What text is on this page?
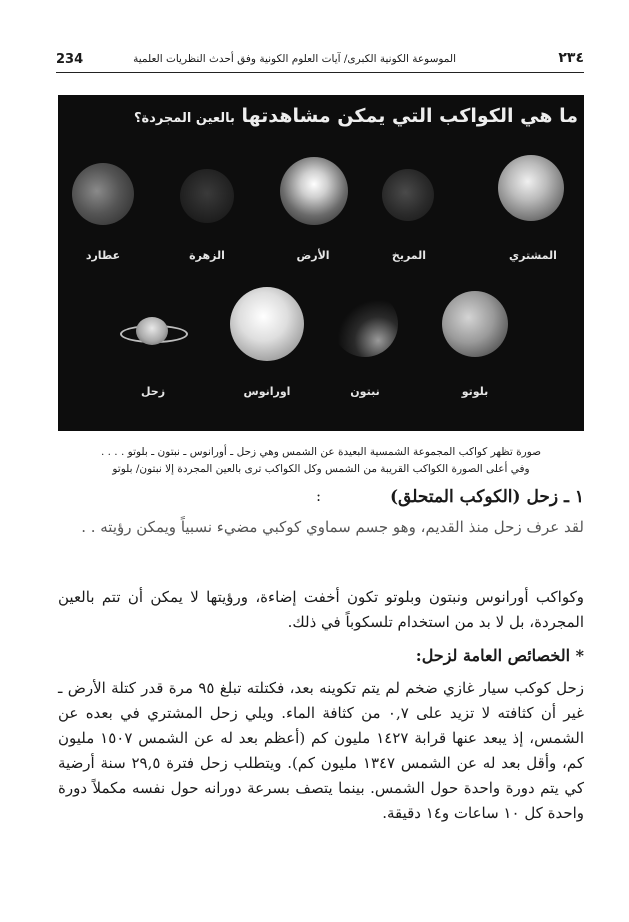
234	الموسوعة الكونية الكبرى/ آيات العلوم الكونية وفق أحدث النظريات العلمية	٢٣٤
ما هي الكواكب التي يمكن مشاهدتها بالعين المجردة؟
المشتري
المريخ
الأرض
الزهرة
عطارد
بلوتو
نبتون
اورانوس
زحل
صورة تظهر كواكب المجموعة الشمسية البعيدة عن الشمس وهي زحل ـ أورانوس ـ نبتون ـ بلوتو . . . .
وفي أعلى الصورة الكواكب القريبة من الشمس وكل الكواكب ترى بالعين المجردة إلا نبتون/ بلوتو
١ ـ زحل (الكوكب المتحلق)
:

لقد عرف زحل منذ القديم، وهو جسم سماوي كوكبي مضيء نسبياً ويمكن رؤيته . .

وكواكب أورانوس ونبتون وبلوتو تكون أخفت إضاءة، ورؤيتها لا يمكن أن تتم بالعين المجردة، بل لا بد من استخدام تلسكوباً في ذلك.

* الخصائص العامة لزحل:

زحل كوكب سيار غازي ضخم لم يتم تكوينه بعد، فكتلته تبلغ ٩٥ مرة قدر كتلة الأرض ـ غير أن كثافته لا تزيد على ٠,٧ من كثافة الماء. ويلي زحل المشتري في بعده عن الشمس، إذ يبعد عنها قرابة ١٤٢٧ مليون كم (أعظم بعد له عن الشمس ١٥٠٧ مليون كم، وأقل بعد له عن الشمس ١٣٤٧ مليون كم). ويتطلب زحل فترة ٢٩,٥ سنة أرضية كي يتم دورة واحدة حول الشمس. بينما يتصف بسرعة دورانه حول نفسه مكملاً دورة واحدة كل ١٠ ساعات و١٤ دقيقة.
